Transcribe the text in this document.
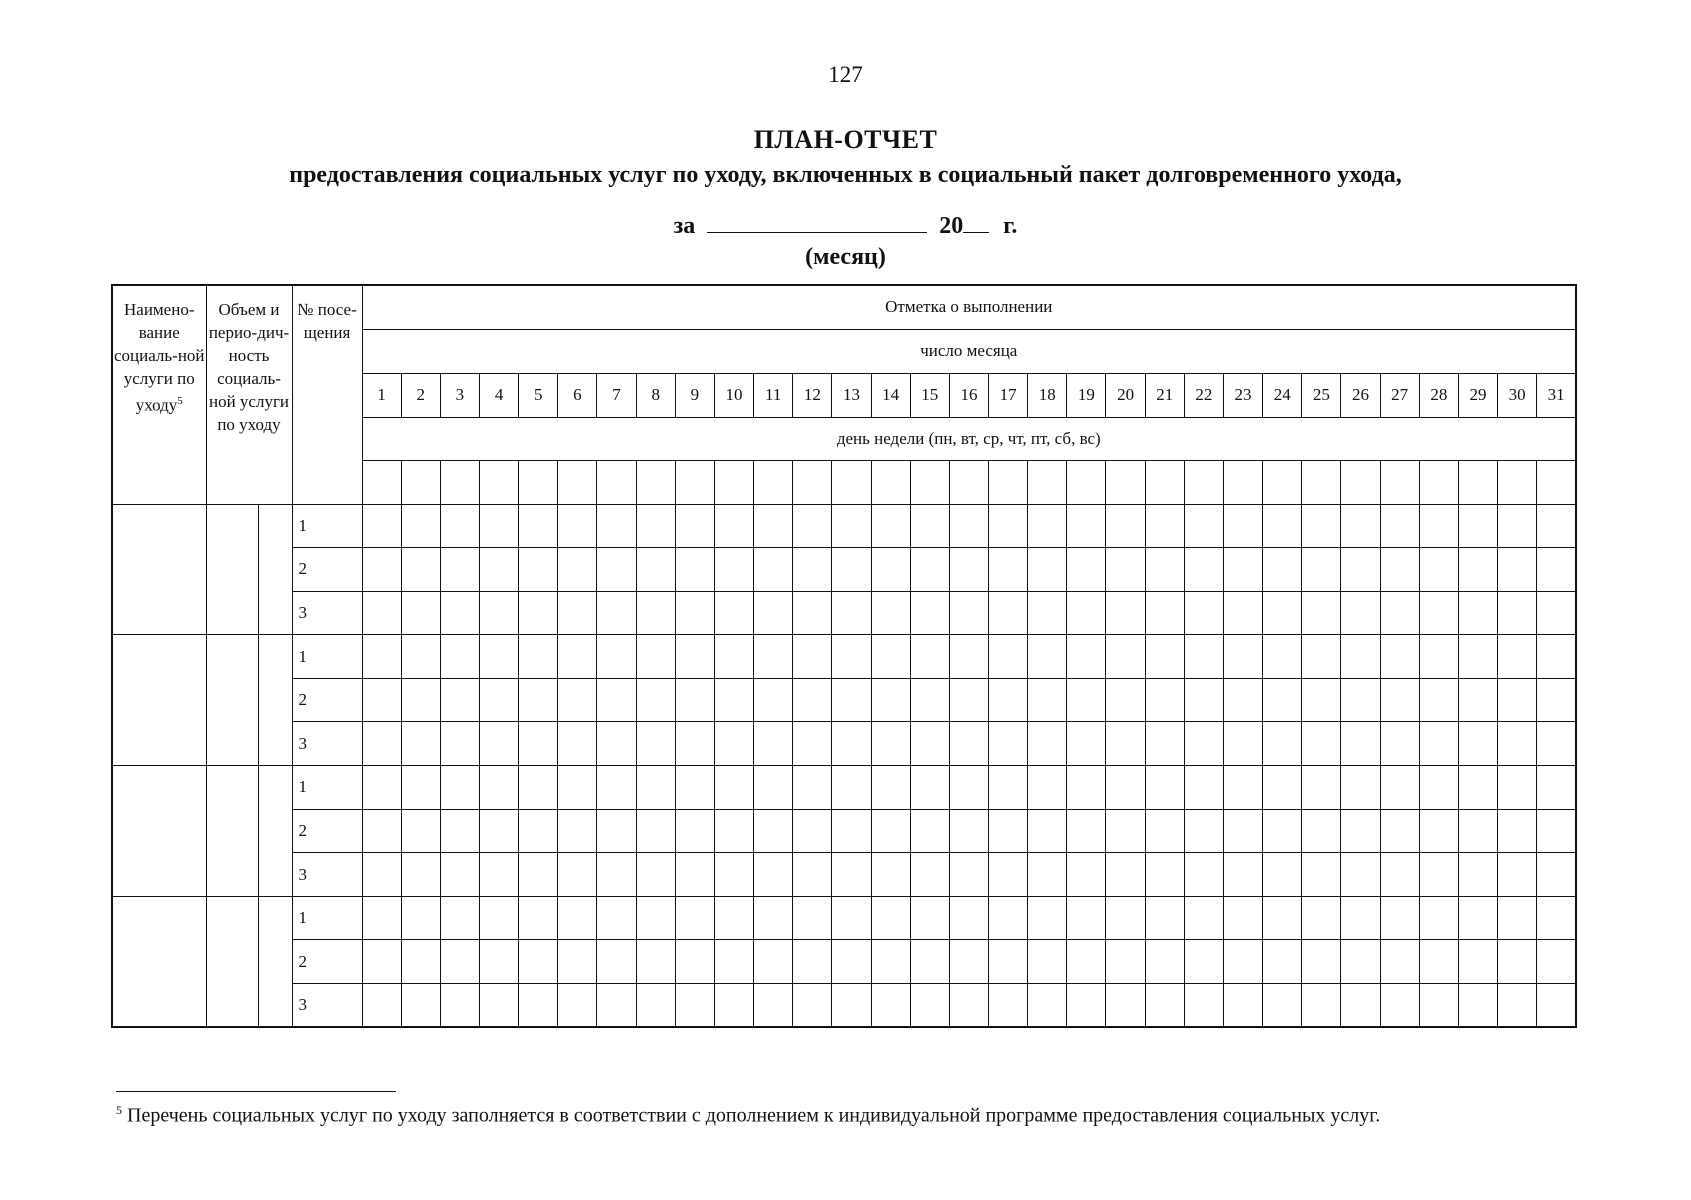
127
ПЛАН-ОТЧЕТ
предоставления социальных услуг по уходу, включенных в социальный пакет долговременного ухода,
за	20 г.
(месяц)
Наимено-вание социаль-ной услуги по уходу$^5$	Объем и перио-дич-ность социаль-ной услуги по уходу		№ посе-щения	Отметка о выполнении																														
				число месяца																														
				1	2	3	4	5	6	7	8	9	10	11	12	13	14	15	16	17	18	19	20	21	22	23	24	25	26	27	28	29	30	31
				день недели (пн, вт, ср, чт, пт, сб, вс)																														

			1																															
			2																															
			3																															
			1																															
			2																															
			3																															
			1																															
			2																															
			3																															
			1																															
			2																															
			3																															
$^5$ Перечень социальных услуг по уходу заполняется в соответствии с дополнением к индивидуальной программе предоставления социальных услуг.
